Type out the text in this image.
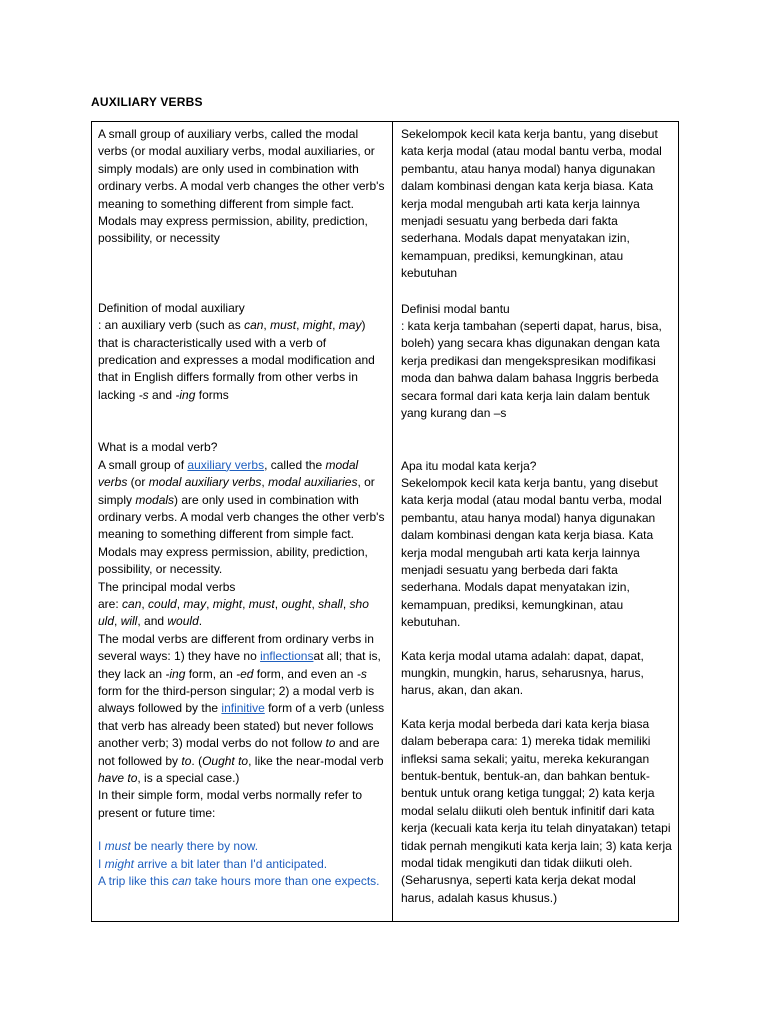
AUXILIARY VERBS

A small group of auxiliary verbs, called the modal verbs (or modal auxiliary verbs, modal auxiliaries, or simply modals) are only used in combination with ordinary verbs. A modal verb changes the other verb's meaning to something different from simple fact. Modals may express permission, ability, prediction, possibility, or necessity

Definition of modal auxiliary
: an auxiliary verb (such as can, must, might, may) that is characteristically used with a verb of predication and expresses a modal modification and that in English differs formally from other verbs in lacking -s and -ing forms

What is a modal verb?
A small group of auxiliary verbs, called the modal verbs (or modal auxiliary verbs, modal auxiliaries, or simply modals) are only used in combination with ordinary verbs. A modal verb changes the other verb's meaning to something different from simple fact. Modals may express permission, ability, prediction, possibility, or necessity.
The principal modal verbs
are: can, could, may, might, must, ought, shall, sho uld, will, and would.

The modal verbs are different from ordinary verbs in several ways: 1) they have no inflectionsat all; that is, they lack an -ing form, an -ed form, and even an -s form for the third-person singular; 2) a modal verb is always followed by the infinitive form of a verb (unless that verb has already been stated) but never follows another verb; 3) modal verbs do not follow to and are not followed by to. (Ought to, like the near-modal verb have to, is a special case.)

In their simple form, modal verbs normally refer to present or future time:

I must be nearly there by now.
I might arrive a bit later than I'd anticipated.
A trip like this can take hours more than one expects.

Sekelompok kecil kata kerja bantu, yang disebut kata kerja modal (atau modal bantu verba, modal pembantu, atau hanya modal) hanya digunakan dalam kombinasi dengan kata kerja biasa. Kata kerja modal mengubah arti kata kerja lainnya menjadi sesuatu yang berbeda dari fakta sederhana. Modals dapat menyatakan izin, kemampuan, prediksi, kemungkinan, atau kebutuhan

Definisi modal bantu
: kata kerja tambahan (seperti dapat, harus, bisa, boleh) yang secara khas digunakan dengan kata kerja predikasi dan mengekspresikan modifikasi moda dan bahwa dalam bahasa Inggris berbeda secara formal dari kata kerja lain dalam bentuk yang kurang dan –s

Apa itu modal kata kerja?
Sekelompok kecil kata kerja bantu, yang disebut kata kerja modal (atau modal bantu verba, modal pembantu, atau hanya modal) hanya digunakan dalam kombinasi dengan kata kerja biasa. Kata kerja modal mengubah arti kata kerja lainnya menjadi sesuatu yang berbeda dari fakta sederhana. Modals dapat menyatakan izin, kemampuan, prediksi, kemungkinan, atau kebutuhan.

Kata kerja modal utama adalah: dapat, dapat, mungkin, mungkin, harus, seharusnya, harus, harus, akan, dan akan.

Kata kerja modal berbeda dari kata kerja biasa dalam beberapa cara: 1) mereka tidak memiliki infleksi sama sekali; yaitu, mereka kekurangan bentuk-bentuk, bentuk-an, dan bahkan bentuk-bentuk untuk orang ketiga tunggal; 2) kata kerja modal selalu diikuti oleh bentuk infinitif dari kata kerja (kecuali kata kerja itu telah dinyatakan) tetapi tidak pernah mengikuti kata kerja lain; 3) kata kerja modal tidak mengikuti dan tidak diikuti oleh. (Seharusnya, seperti kata kerja dekat modal harus, adalah kasus khusus.)
